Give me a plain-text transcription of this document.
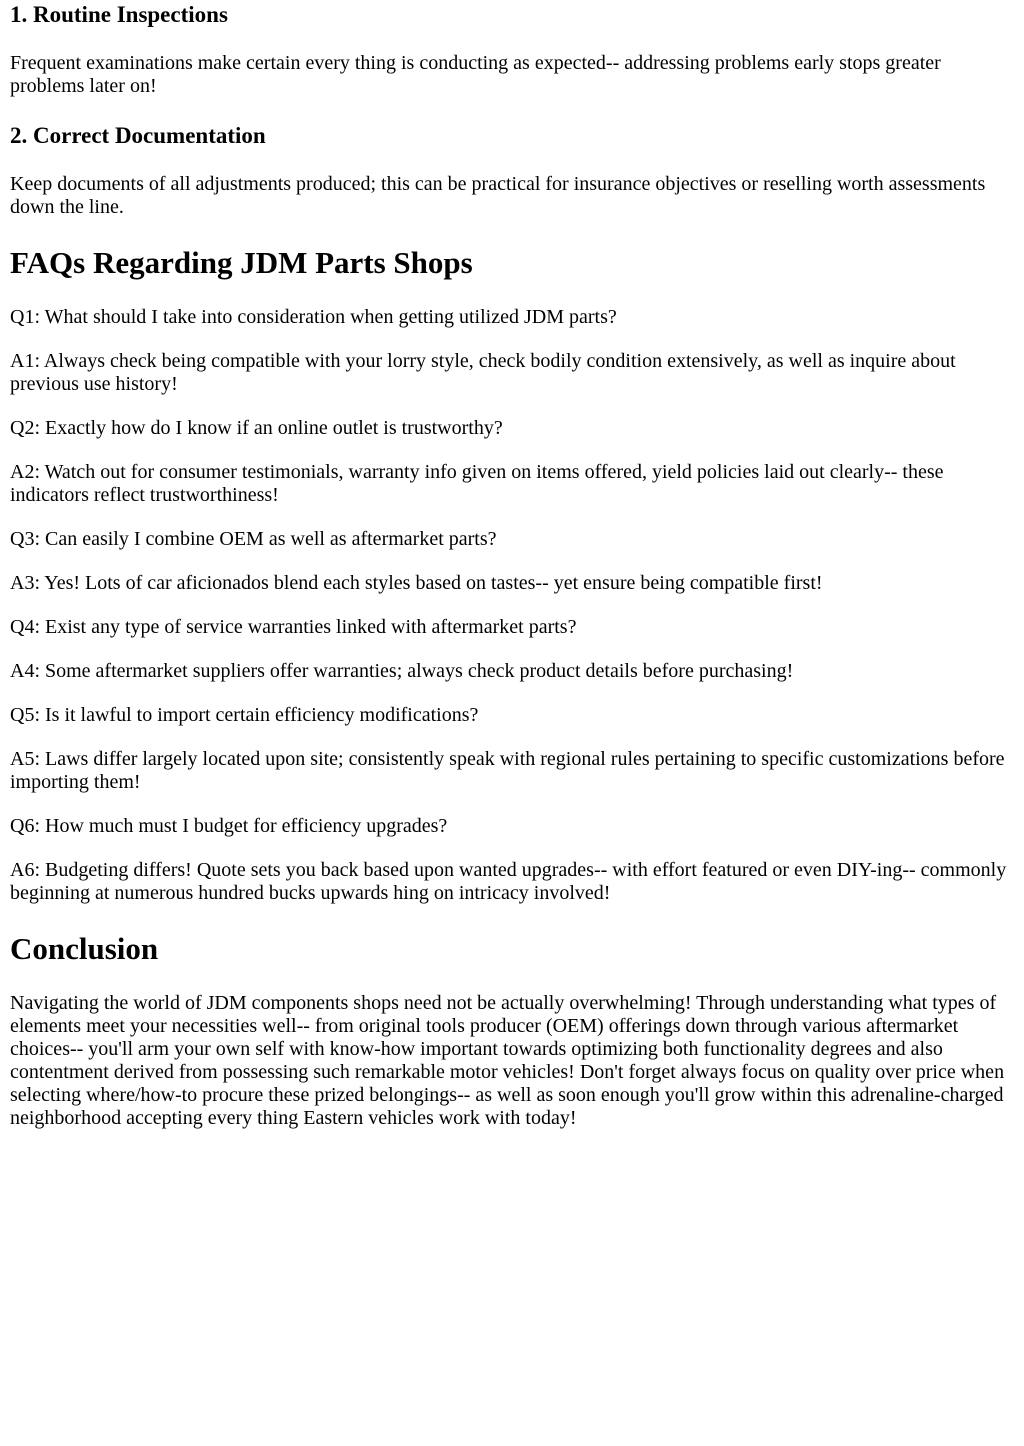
1. Routine Inspections

Frequent examinations make certain every thing is conducting as expected-- addressing problems early stops greater problems later on!

2. Correct Documentation

Keep documents of all adjustments produced; this can be practical for insurance objectives or reselling worth assessments down the line.

FAQs Regarding JDM Parts Shops

Q1: What should I take into consideration when getting utilized JDM parts?

A1: Always check being compatible with your lorry style, check bodily condition extensively, as well as inquire about previous use history!

Q2: Exactly how do I know if an online outlet is trustworthy?

A2: Watch out for consumer testimonials, warranty info given on items offered, yield policies laid out clearly-- these indicators reflect trustworthiness!

Q3: Can easily I combine OEM as well as aftermarket parts?

A3: Yes! Lots of car aficionados blend each styles based on tastes-- yet ensure being compatible first!

Q4: Exist any type of service warranties linked with aftermarket parts?

A4: Some aftermarket suppliers offer warranties; always check product details before purchasing!

Q5: Is it lawful to import certain efficiency modifications?

A5: Laws differ largely located upon site; consistently speak with regional rules pertaining to specific customizations before importing them!

Q6: How much must I budget for efficiency upgrades?

A6: Budgeting differs! Quote sets you back based upon wanted upgrades-- with effort featured or even DIY-ing-- commonly beginning at numerous hundred bucks upwards hing on intricacy involved!

Conclusion

Navigating the world of JDM components shops need not be actually overwhelming! Through understanding what types of elements meet your necessities well-- from original tools producer (OEM) offerings down through various aftermarket choices-- you'll arm your own self with know-how important towards optimizing both functionality degrees and also contentment derived from possessing such remarkable motor vehicles! Don't forget always focus on quality over price when selecting where/how-to procure these prized belongings-- as well as soon enough you'll grow within this adrenaline-charged neighborhood accepting every thing Eastern vehicles work with today!
